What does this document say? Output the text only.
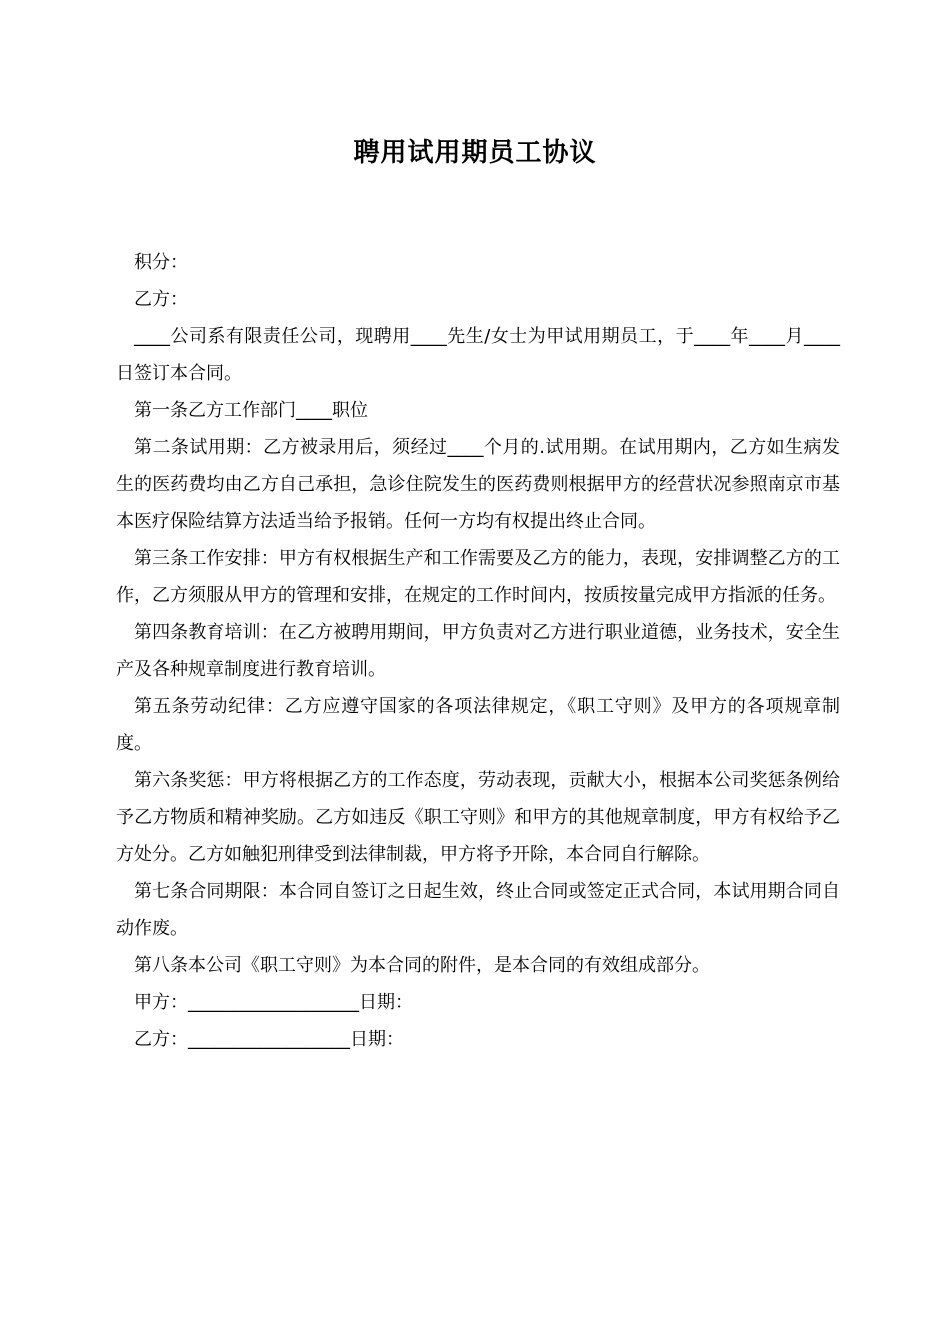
聘用试用期员工协议

积分：

乙方：

____公司系有限责任公司，现聘用____先生/女士为甲试用期员工，于____年____月____日签订本合同。

第一条乙方工作部门____职位

第二条试用期：乙方被录用后，须经过____个月的.试用期。在试用期内，乙方如生病发生的医药费均由乙方自己承担，急诊住院发生的医药费则根据甲方的经营状况参照南京市基本医疗保险结算方法适当给予报销。任何一方均有权提出终止合同。

第三条工作安排：甲方有权根据生产和工作需要及乙方的能力，表现，安排调整乙方的工作，乙方须服从甲方的管理和安排，在规定的工作时间内，按质按量完成甲方指派的任务。

第四条教育培训：在乙方被聘用期间，甲方负责对乙方进行职业道德，业务技术，安全生产及各种规章制度进行教育培训。

第五条劳动纪律：乙方应遵守国家的各项法律规定，《职工守则》及甲方的各项规章制度。

第六条奖惩：甲方将根据乙方的工作态度，劳动表现，贡献大小，根据本公司奖惩条例给予乙方物质和精神奖励。乙方如违反《职工守则》和甲方的其他规章制度，甲方有权给予乙方处分。乙方如触犯刑律受到法律制裁，甲方将予开除，本合同自行解除。

第七条合同期限：本合同自签订之日起生效，终止合同或签定正式合同，本试用期合同自动作废。

第八条本公司《职工守则》为本合同的附件，是本合同的有效组成部分。

甲方：___________________日期：

乙方：__________________日期：
